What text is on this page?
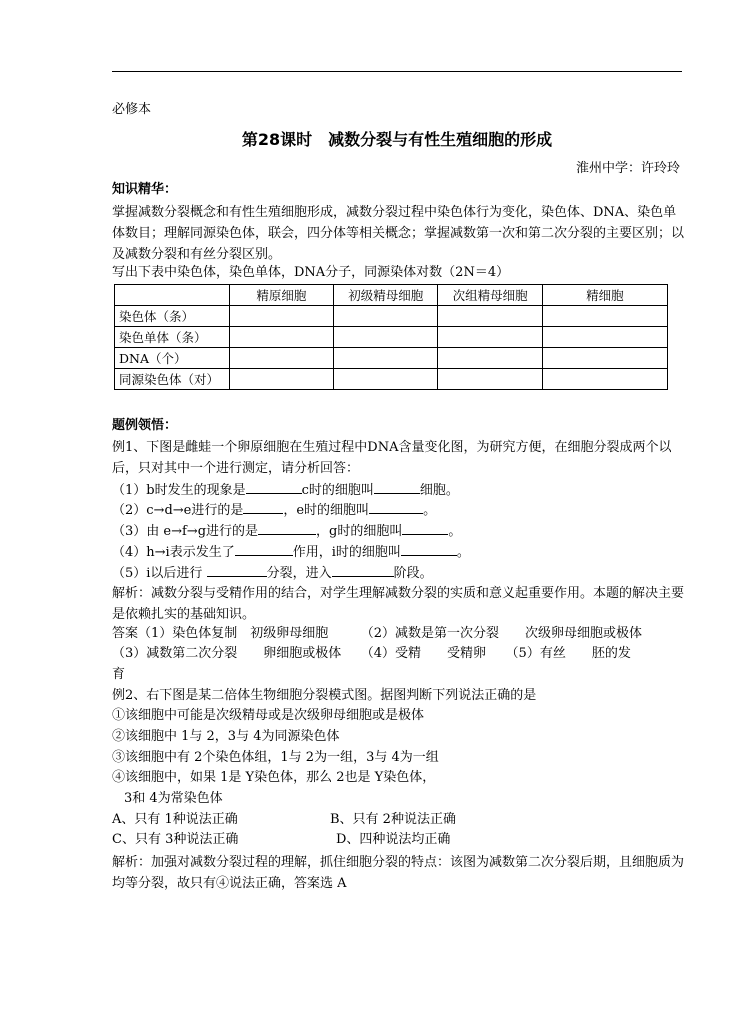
必修本
第28课时　减数分裂与有性生殖细胞的形成
淮州中学：许玲玲
知识精华：
掌握减数分裂概念和有性生殖细胞形成，减数分裂过程中染色体行为变化，染色体、DNA、染色单体数目；理解同源染色体，联会，四分体等相关概念；掌握减数第一次和第二次分裂的主要区别；以及减数分裂和有丝分裂区别。
写出下表中染色体，染色单体，DNA分子，同源染体对数（2N＝4）
	精原细胞	初级精母细胞	次组精母细胞	精细胞
染色体（条）				
染色单体（条）				
DNA（个）				
同源染色体（对）				
题例领悟：
例1、下图是雌蛙一个卵原细胞在生殖过程中DNA含量变化图，为研究方便，在细胞分裂成两个以后，只对其中一个进行测定，请分析回答：
（1）b时发生的现象是	c时的细胞叫	细胞。
（2）c→d→e进行的是	，e时的细胞叫	。
（3）由 e→f→g进行的是	，g时的细胞叫	。
（4）h→i表示发生了	作用，i时的细胞叫	。
（5）i以后进行	分裂，进入	阶段。
解析：减数分裂与受精作用的结合，对学生理解减数分裂的实质和意义起重要作用。本题的解决主要是依赖扎实的基础知识。
答案（1）染色体复制　初级卵母细胞　　　（2）减数是第一次分裂　　次级卵母细胞或极体
（3）减数第二次分裂　　卵细胞或极体　　（4）受精　　受精卵　　（5）有丝　　胚的发
育
例2、右下图是某二倍体生物细胞分裂模式图。据图判断下列说法正确的是
①该细胞中可能是次级精母或是次级卵母细胞或是极体
②该细胞中 1与 2，3与 4为同源染色体
③该细胞中有 2个染色体组，1与 2为一组，3与 4为一组
④该细胞中，如果 1是 Y染色体，那么 2也是 Y染色体，
3和 4为常染色体
A、只有 1种说法正确	B、只有 2种说法正确
C、只有 3种说法正确	D、四种说法均正确
解析：加强对减数分裂过程的理解，抓住细胞分裂的特点：该图为减数第二次分裂后期，且细胞质为均等分裂，故只有④说法正确，答案选 A
